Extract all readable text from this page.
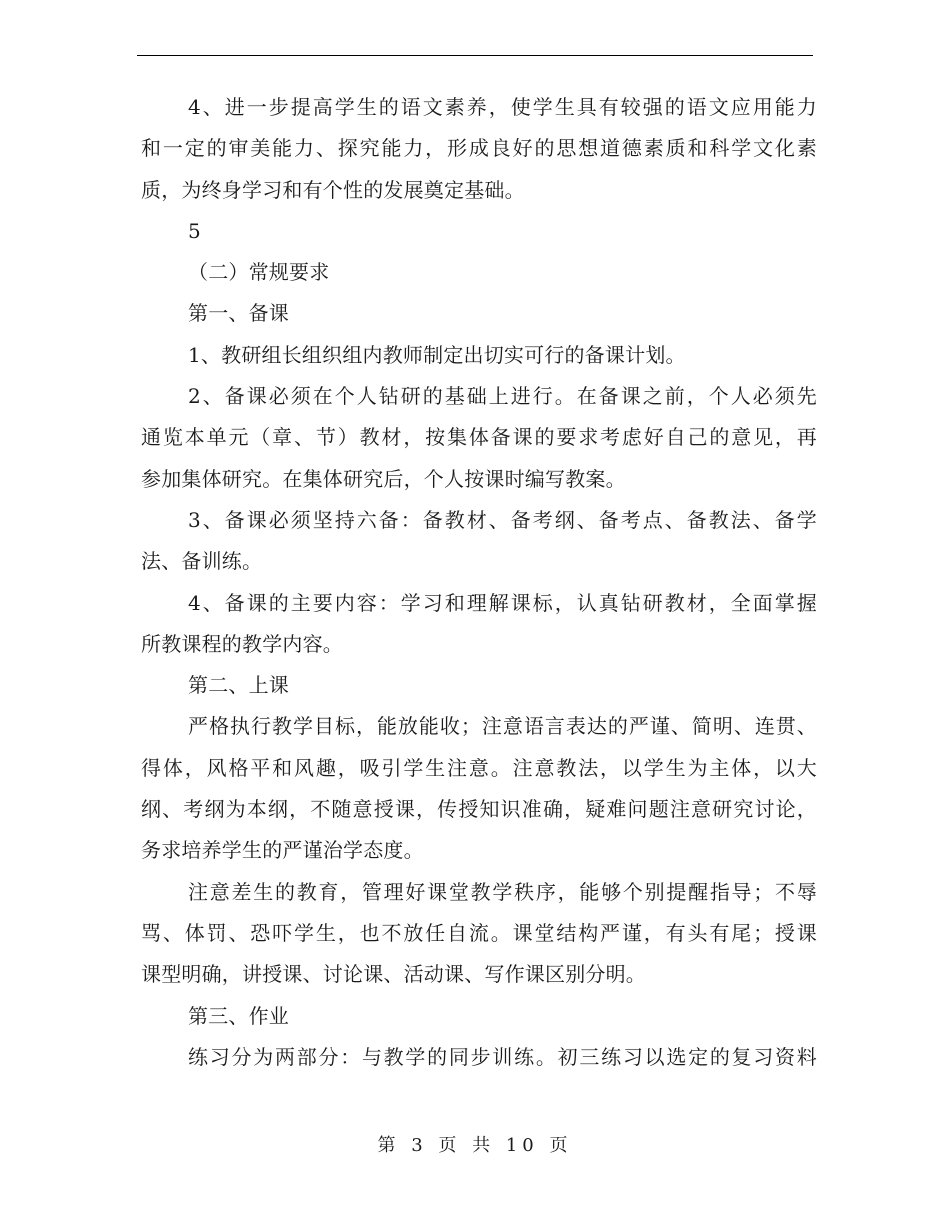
4、进一步提高学生的语文素养，使学生具有较强的语文应用能力
和一定的审美能力、探究能力，形成良好的思想道德素质和科学文化素
质，为终身学习和有个性的发展奠定基础。
5
（二）常规要求
第一、备课
1、教研组长组织组内教师制定出切实可行的备课计划。
2、备课必须在个人钻研的基础上进行。在备课之前，个人必须先
通览本单元（章、节）教材，按集体备课的要求考虑好自己的意见，再
参加集体研究。在集体研究后，个人按课时编写教案。
3、备课必须坚持六备：备教材、备考纲、备考点、备教法、备学
法、备训练。
4、备课的主要内容：学习和理解课标，认真钻研教材，全面掌握
所教课程的教学内容。
第二、上课
严格执行教学目标，能放能收；注意语言表达的严谨、简明、连贯、
得体，风格平和风趣，吸引学生注意。注意教法，以学生为主体，以大
纲、考纲为本纲，不随意授课，传授知识准确，疑难问题注意研究讨论，
务求培养学生的严谨治学态度。
注意差生的教育，管理好课堂教学秩序，能够个别提醒指导；不辱
骂、体罚、恐吓学生，也不放任自流。课堂结构严谨，有头有尾；授课
课型明确，讲授课、讨论课、活动课、写作课区别分明。
第三、作业
练习分为两部分：与教学的同步训练。初三练习以选定的复习资料
第 3 页 共 10 页
